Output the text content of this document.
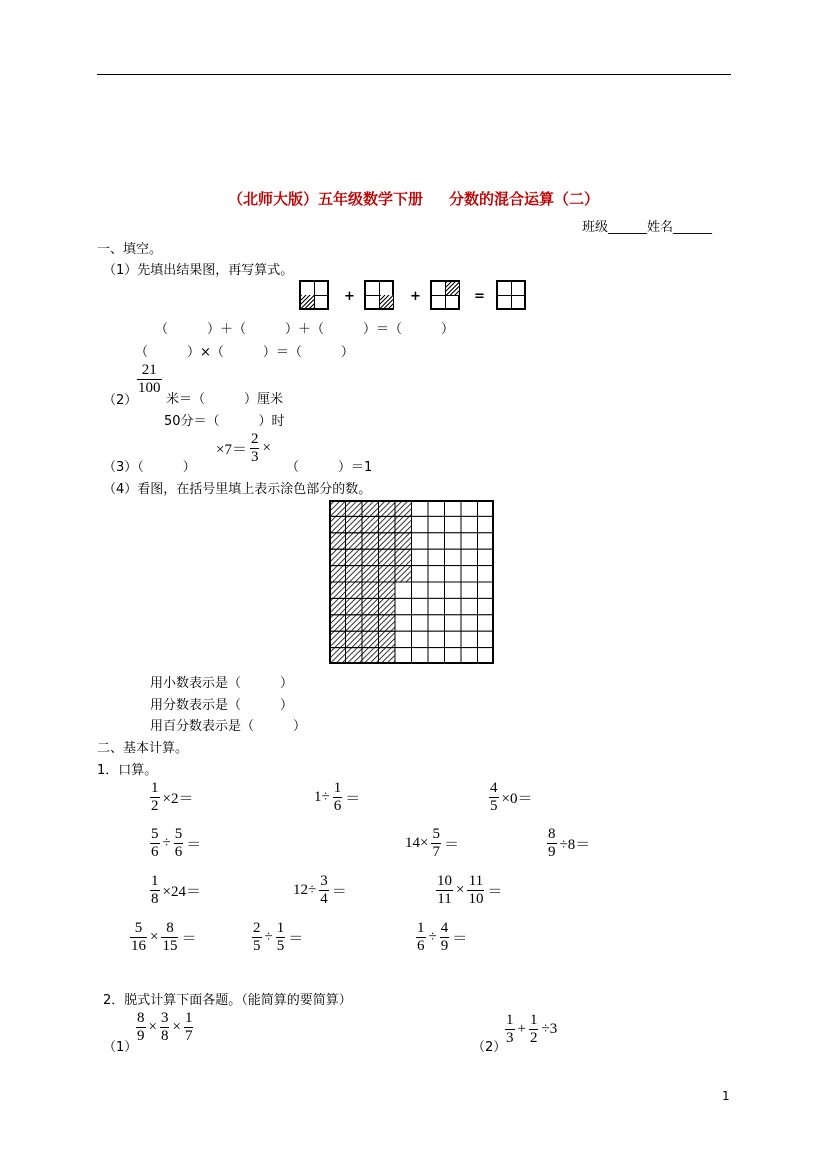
（北师大版）五年级数学下册 分数的混合运算（二）
班级______姓名______
一、填空。
（1）先填出结果图，再写算式。
+	+	=
（　　　）＋（　　　）＋（　　　）＝（　　　）
（　　　）×（　　　）＝（　　　）
（2）
$\frac{21}{100}$
米＝（　　　）厘米
50分＝（　　　）时
（3）（　　　）
$\times 7= \frac{2}{3}$ ×
（　　　）＝1
（4）看图，在括号里填上表示涂色部分的数。
用小数表示是（　　　）
用分数表示是（　　　）
用百分数表示是（　　　）
二、基本计算。
1．口算。
$\frac{1}{2} \times 2=$	$1\div \frac{1}{6}$ ＝	$\frac{4}{5} \times 0=$
$\frac{5}{6} \div \frac{5}{6}$ ＝	$14\times \frac{5}{7}$ ＝	$\frac{8}{9} \div 8=$
$\frac{1}{8} \times 24=$	$12\div \frac{3}{4}$ ＝	$\frac{10}{11} \times \frac{11}{10}$ ＝
$\frac{5}{16} \times \frac{8}{15}$ ＝	$\frac{2}{5} \div \frac{1}{5}$ ＝	$\frac{1}{6} \div \frac{4}{9}$ ＝
2．脱式计算下面各题。（能简算的要简算）
（1）
$\frac{8}{9} \times \frac{3}{8} \times \frac{1}{7}$
（2）
$\frac{1}{3} + \frac{1}{2} \div 3$
1
